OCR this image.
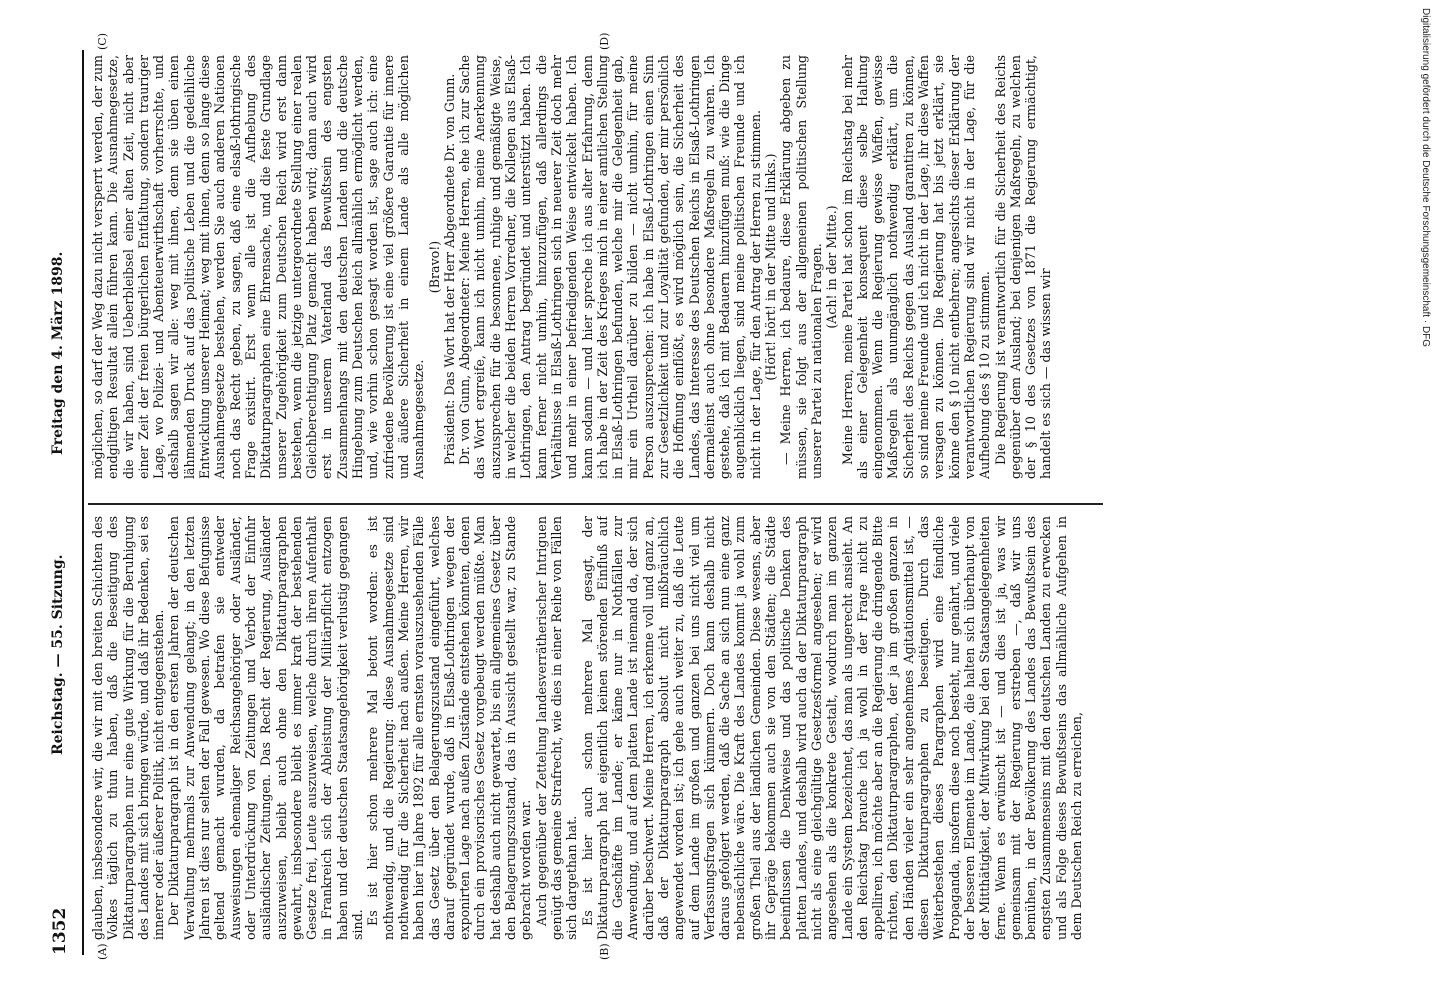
1352
Reichstag. — 55. Sitzung.
Freitag den 4. März 1898.
(A)	(B)
(C)	(D)

glauben, insbesondere wir, die wir mit den breiten Schichten des Volkes täglich zu thun haben, daß die Beseitigung des Diktaturparagraphen nur eine gute Wirkung für die Beruhigung des Landes mit sich bringen würde, und daß ihr Bedenken, sei es innerer oder äußerer Politik, nicht entgegenstehen. Der Diktaturparagraph ist in den ersten Jahren der deutschen Verwaltung mehrmals zur Anwendung gelangt; in den letzten Jahren ist dies nur selten der Fall gewesen. Wo diese Befugnisse geltend gemacht wurden, da betrafen sie entweder Ausweisungen ehemaliger Reichsangehöriger oder Ausländer, oder Unterdrückung von Zeitungen und Verbot der Einfuhr ausländischer Zeitungen. Das Recht der Regierung, Ausländer auszuweisen, bleibt auch ohne den Diktaturparagraphen gewahrt, insbesondere bleibt es immer kraft der bestehenden Gesetze frei, Leute auszuweisen, welche durch ihren Aufenthalt in Frankreich sich der Ableistung der Militärpflicht entzogen haben und der deutschen Staatsangehörigkeit verlustig gegangen sind. Es ist hier schon mehrere Mal betont worden: es ist nothwendig, und die Regierung: diese Ausnahmegesetze sind nothwendig für die Sicherheit nach außen. Meine Herren, wir haben hier im Jahre 1892 für alle ernsten vorauszusehenden Fälle das Gesetz über den Belagerungszustand eingeführt, welches darauf gegründet wurde, daß in Elsaß-Lothringen wegen der exponirten Lage nach außen Zustände entstehen könnten, denen durch ein provisorisches Gesetz vorgebeugt werden müßte. Man hat deshalb auch nicht gewartet, bis ein allgemeines Gesetz über den Belagerungszustand, das in Aussicht gestellt war, zu Stande gebracht worden war. Auch gegenüber der Zettelung landesverrätherischer Intriguen genügt das gemeine Strafrecht, wie dies in einer Reihe von Fällen sich dargethan hat. Es ist hier auch schon mehrere Mal gesagt, der Diktaturparagraph hat eigentlich keinen störenden Einfluß auf die Geschäfte im Lande; er käme nur in Nothfällen zur Anwendung, und auf dem platten Lande ist niemand da, der sich darüber beschwert. Meine Herren, ich erkenne voll und ganz an, daß der Diktaturparagraph absolut nicht mißbräuchlich angewendet worden ist; ich gehe auch weiter zu, daß die Leute auf dem Lande im großen und ganzen bei uns nicht viel um Verfassungsfragen sich kümmern. Doch kann deshalb nicht daraus gefolgert werden, daß die Sache an sich nun eine ganz nebensächliche wäre. Die Kraft des Landes kommt ja wohl zum großen Theil aus der ländlichen Gemeinden. Diese wesens, aber ihr Gepräge bekommen auch sie von den Städten; die Städte beeinflussen die Denkweise und das politische Denken des platten Landes, und deshalb wird auch da der Diktaturparagraph nicht als eine gleichgültige Gesetzesformel angesehen; er wird angesehen als die konkrete Gestalt, wodurch man im ganzen Lande ein System bezeichnet, das man als ungerecht ansieht. An den Reichstag brauche ich ja wohl in der Frage nicht zu appelliren, ich möchte aber an die Regierung die dringende Bitte richten, den Diktaturparagraphen, der ja im großen ganzen in den Händen vieler ein sehr angenehmes Agitationsmittel ist, — diesen Diktaturparagraphen zu beseitigen. Durch das Weiterbestehen dieses Paragraphen wird eine feindliche Propaganda, insofern diese noch besteht, nur genährt, und viele der besseren Elemente im Lande, die halten sich überhaupt von der Mitthätigkeit, der Mitwirkung bei den Staatsangelegenheiten ferne. Wenn es erwünscht ist — und dies ist ja, was wir gemeinsam mit der Regierung erstreben —, daß wir uns bemühen, in der Bevölkerung des Landes das Bewußtsein des engsten Zusammenseins mit den deutschen Landen zu erwecken und als Folge dieses Bewußtseins das allmähliche Aufgehen in dem Deutschen Reich zu erreichen,

möglichen, so darf der Weg dazu nicht versperrt werden, der zum endgiltigen Resultat allein führen kann. Die Ausnahmegesetze, die wir haben, sind Ueberbleibsel einer alten Zeit, nicht aber einer Zeit der freien bürgerlichen Entfaltung, sondern trauriger Lage, wo Polizei- und Abenteuerwirthschaft vorherrschte, und deshalb sagen wir alle: weg mit ihnen, denn sie üben einen lähmenden Druck auf das politische Leben und die gedeihliche Entwicklung unserer Heimat; weg mit ihnen, denn so lange diese Ausnahmegesetze bestehen, werden Sie auch anderen Nationen noch das Recht geben, zu sagen, daß eine elsaß-lothringische Frage existirt. Erst wenn alle ist die Aufhebung des Diktaturparagraphen eine Ehrensache, und die feste Grundlage unserer Zugehörigkeit zum Deutschen Reich wird erst dann bestehen, wenn die jetzige untergeordnete Stellung einer realen Gleichberechtigung Platz gemacht haben wird; dann auch wird erst in unserem Vaterland das Bewußtsein des engsten Zusammenhangs mit den deutschen Landen und die deutsche Hingebung zum Deutschen Reich allmählich ermöglicht werden, und, wie vorhin schon gesagt worden ist, sage auch ich: eine zufriedene Bevölkerung ist eine viel größere Garantie für innere und äußere Sicherheit in einem Lande als alle möglichen Ausnahmegesetze.

(Bravo!) Präsident: Das Wort hat der Herr Abgeordnete Dr. von Gunn. Dr. von Gunn, Abgeordneter: Meine Herren, ehe ich zur Sache das Wort ergreife, kann ich nicht umhin, meine Anerkennung auszusprechen für die besonnene, ruhige und gemäßigte Weise, in welcher die beiden Herren Vorredner, die Kollegen aus Elsaß-Lothringen, den Antrag begründet und unterstützt haben. Ich kann ferner nicht umhin, hinzuzufügen, daß allerdings die Verhältnisse in Elsaß-Lothringen sich in neuerer Zeit doch mehr und mehr in einer befriedigenden Weise entwickelt haben. Ich kann sodann — und hier spreche ich aus alter Erfahrung, denn ich habe in der Zeit des Krieges mich in einer amtlichen Stellung in Elsaß-Lothringen befunden, welche mir die Gelegenheit gab, mir ein Urtheil darüber zu bilden — nicht umhin, für meine Person auszusprechen: ich habe in Elsaß-Lothringen einen Sinn zur Gesetzlichkeit und zur Loyalität gefunden, der mir persönlich die Hoffnung einflößt, es wird möglich sein, die Sicherheit des Landes, das Interesse des Deutschen Reichs in Elsaß-Lothringen dermaleinst auch ohne besondere Maßregeln zu wahren. Ich gestehe, daß ich mit Bedauern hinzufügen muß: wie die Dinge augenblicklich liegen, sind meine politischen Freunde und ich nicht in der Lage, für den Antrag der Herren zu stimmen. (Hört! hört! in der Mitte und links.) — Meine Herren, ich bedaure, diese Erklärung abgeben zu müssen, sie folgt aus der allgemeinen politischen Stellung unserer Partei zu nationalen Fragen. (Ach! in der Mitte.) Meine Herren, meine Partei hat schon im Reichstag bei mehr als einer Gelegenheit konsequent diese selbe Haltung eingenommen. Wenn die Regierung gewisse Waffen, gewisse Maßregeln als unumgänglich nothwendig erklärt, um die Sicherheit des Reichs gegen das Ausland garantiren zu können, so sind meine Freunde und ich nicht in der Lage, ihr diese Waffen versagen zu können. Die Regierung hat bis jetzt erklärt, sie könne den § 10 nicht entbehren; angesichts dieser Erklärung der verantwortlichen Regierung sind wir nicht in der Lage, für die Aufhebung des § 10 zu stimmen. Die Regierung ist verantwortlich für die Sicherheit des Reichs gegenüber dem Ausland; bei denjenigen Maßregeln, zu welchen der § 10 des Gesetzes von 1871 die Regierung ermächtigt, handelt es sich — das wissen wir

Digitalisierung gefördert durch die Deutsche Forschungsgemeinschaft · DFG
